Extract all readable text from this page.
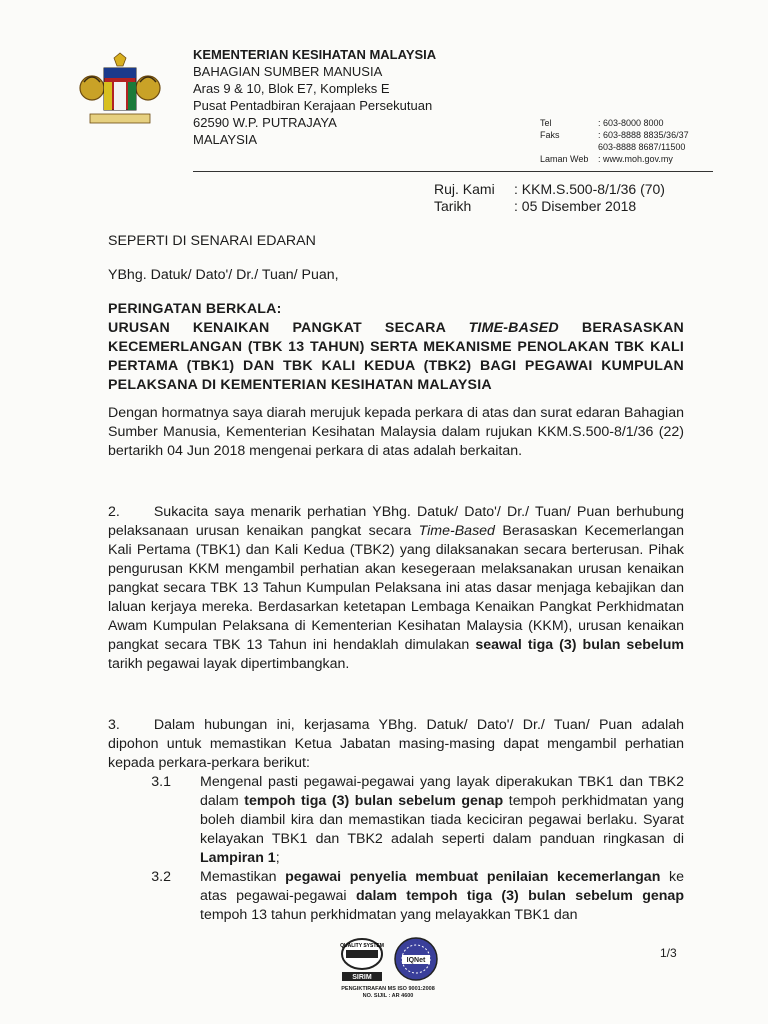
KEMENTERIAN KESIHATAN MALAYSIA
BAHAGIAN SUMBER MANUSIA
Aras 9 & 10, Blok E7, Kompleks E
Pusat Pentadbiran Kerajaan Persekutuan
62590 W.P. PUTRAJAYA
MALAYSIA
Tel	: 603-8000 8000
Faks	: 603-8888 8835/36/37
603-8888 8687/11500
Laman Web	: www.moh.gov.my
Ruj. Kami	: KKM.S.500-8/1/36 (70)
Tarikh	: 05 Disember 2018
SEPERTI DI SENARAI EDARAN
YBhg. Datuk/ Dato'/ Dr./ Tuan/ Puan,
PERINGATAN BERKALA:
URUSAN KENAIKAN PANGKAT SECARA TIME-BASED BERASASKAN KECEMERLANGAN (TBK 13 TAHUN) SERTA MEKANISME PENOLAKAN TBK KALI PERTAMA (TBK1) DAN TBK KALI KEDUA (TBK2) BAGI PEGAWAI KUMPULAN PELAKSANA DI KEMENTERIAN KESIHATAN MALAYSIA
Dengan hormatnya saya diarah merujuk kepada perkara di atas dan surat edaran Bahagian Sumber Manusia, Kementerian Kesihatan Malaysia dalam rujukan KKM.S.500-8/1/36 (22) bertarikh 04 Jun 2018 mengenai perkara di atas adalah berkaitan.
2. Sukacita saya menarik perhatian YBhg. Datuk/ Dato'/ Dr./ Tuan/ Puan berhubung pelaksanaan urusan kenaikan pangkat secara Time-Based Berasaskan Kecemerlangan Kali Pertama (TBK1) dan Kali Kedua (TBK2) yang dilaksanakan secara berterusan. Pihak pengurusan KKM mengambil perhatian akan kesegeraan melaksanakan urusan kenaikan pangkat secara TBK 13 Tahun Kumpulan Pelaksana ini atas dasar menjaga kebajikan dan laluan kerjaya mereka. Berdasarkan ketetapan Lembaga Kenaikan Pangkat Perkhidmatan Awam Kumpulan Pelaksana di Kementerian Kesihatan Malaysia (KKM), urusan kenaikan pangkat secara TBK 13 Tahun ini hendaklah dimulakan seawal tiga (3) bulan sebelum tarikh pegawai layak dipertimbangkan.
3. Dalam hubungan ini, kerjasama YBhg. Datuk/ Dato'/ Dr./ Tuan/ Puan adalah dipohon untuk memastikan Ketua Jabatan masing-masing dapat mengambil perhatian kepada perkara-perkara berikut:
3.1	Mengenal pasti pegawai-pegawai yang layak diperakukan TBK1 dan TBK2 dalam tempoh tiga (3) bulan sebelum genap tempoh perkhidmatan yang boleh diambil kira dan memastikan tiada keciciran pegawai berlaku. Syarat kelayakan TBK1 dan TBK2 adalah seperti dalam panduan ringkasan di Lampiran 1;
3.2	Memastikan pegawai penyelia membuat penilaian kecemerlangan ke atas pegawai-pegawai dalam tempoh tiga (3) bulan sebelum genap tempoh 13 tahun perkhidmatan yang melayakkan TBK1 dan
QUALITY SYSTEM
SIRIM
IQNet
PENGIKTIRAFAN MS ISO 9001:2008
NO. SIJIL : AR 4600
1/3
